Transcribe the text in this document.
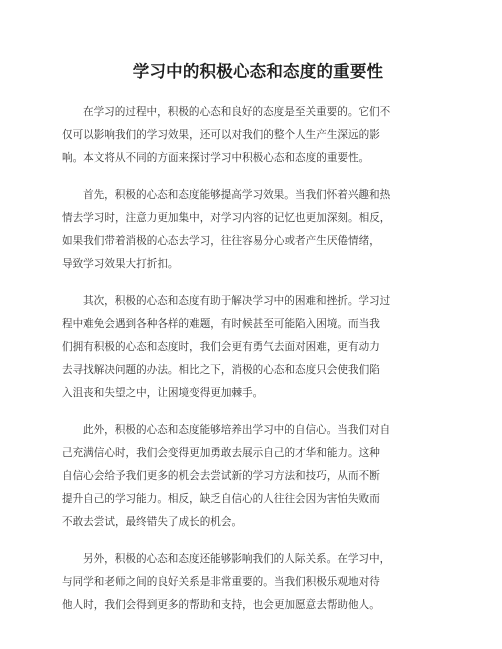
学习中的积极心态和态度的重要性
在学习的过程中，积极的心态和良好的态度是至关重要的。它们不
仅可以影响我们的学习效果，还可以对我们的整个人生产生深远的影
响。本文将从不同的方面来探讨学习中积极心态和态度的重要性。
首先，积极的心态和态度能够提高学习效果。当我们怀着兴趣和热
情去学习时，注意力更加集中，对学习内容的记忆也更加深刻。相反，
如果我们带着消极的心态去学习，往往容易分心或者产生厌倦情绪，
导致学习效果大打折扣。
其次，积极的心态和态度有助于解决学习中的困难和挫折。学习过
程中难免会遇到各种各样的难题，有时候甚至可能陷入困境。而当我
们拥有积极的心态和态度时，我们会更有勇气去面对困难，更有动力
去寻找解决问题的办法。相比之下，消极的心态和态度只会使我们陷
入沮丧和失望之中，让困境变得更加棘手。
此外，积极的心态和态度能够培养出学习中的自信心。当我们对自
己充满信心时，我们会变得更加勇敢去展示自己的才华和能力。这种
自信心会给予我们更多的机会去尝试新的学习方法和技巧，从而不断
提升自己的学习能力。相反，缺乏自信心的人往往会因为害怕失败而
不敢去尝试，最终错失了成长的机会。
另外，积极的心态和态度还能够影响我们的人际关系。在学习中，
与同学和老师之间的良好关系是非常重要的。当我们积极乐观地对待
他人时，我们会得到更多的帮助和支持，也会更加愿意去帮助他人。
